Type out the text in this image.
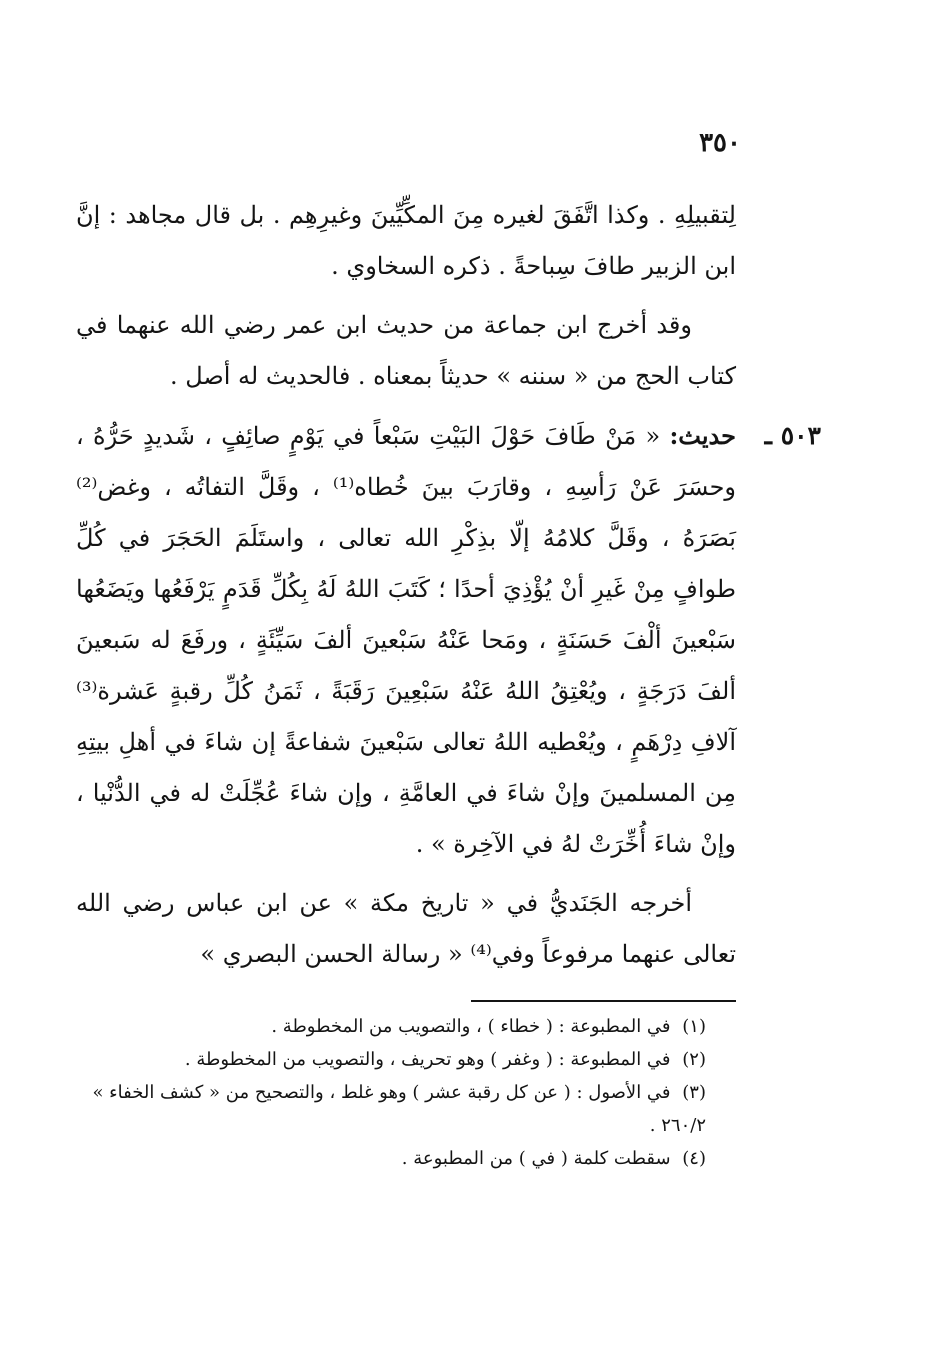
٣٥٠

لِتقبيلِهِ . وكذا اتَّفَقَ لغيره مِنَ المكِّيِّينَ وغيرِهِم . بل قال مجاهد : إنَّ ابن الزبير طافَ سِباحةً . ذكره السخاوي .

وقد أخرج ابن جماعة من حديث ابن عمر رضي الله عنهما في كتاب الحج من « سننه » حديثاً بمعناه . فالحديث له أصل .

٥٠٣ ـ

حديث: « مَنْ طَافَ حَوْلَ البَيْتِ سَبْعاً في يَوْمٍ صائِفٍ ، شَديدٍ حَرُّهُ ، وحسَرَ عَنْ رَأسِهِ ، وقارَبَ بينَ خُطاه⁽¹⁾ ، وقَلَّ التفاتُه ، وغض⁽²⁾ بَصَرَهُ ، وقَلَّ كلامُهُ إلّا بذِكْرِ الله تعالى ، واستَلَمَ الحَجَرَ في كُلِّ طوافٍ مِنْ غَيرِ أنْ يُؤْذِيَ أحدًا ؛ كَتَبَ اللهُ لَهُ بِكُلِّ قَدَمٍ يَرْفَعُها ويَضَعُها سَبْعينَ ألْفَ حَسَنَةٍ ، ومَحا عَنْهُ سَبْعينَ ألفَ سَيِّئَةٍ ، ورفَعَ له سَبعينَ ألفَ دَرَجَةٍ ، ويُعْتِقُ اللهُ عَنْهُ سَبْعِينَ رَقَبَةً ، ثَمَنُ كُلِّ رقبةٍ عَشرة⁽³⁾ آلافِ دِرْهَمٍ ، ويُعْطيه اللهُ تعالى سَبْعينَ شفاعةً إن شاءَ في أهلِ بيتِهِ مِن المسلمينَ وإنْ شاءَ في العامَّةِ ، وإن شاءَ عُجِّلَتْ له في الدُّنْيا ، وإنْ شاءَ أُخِّرَتْ لهُ في الآخِرة » .

أخرجه الجَنَديُّ في « تاريخ مكة » عن ابن عباس رضي الله تعالى عنهما مرفوعاً وفي⁽⁴⁾ « رسالة الحسن البصري »

(١) في المطبوعة : ( خطاء ) ، والتصويب من المخطوطة .

(٢) في المطبوعة : ( وغفر ) وهو تحريف ، والتصويب من المخطوطة .

(٣) في الأصول : ( عن كل رقبة عشر ) وهو غلط ، والتصحيح من « كشف الخفاء »

٢٦٠/٢ .

(٤) سقطت كلمة ( في ) من المطبوعة .
